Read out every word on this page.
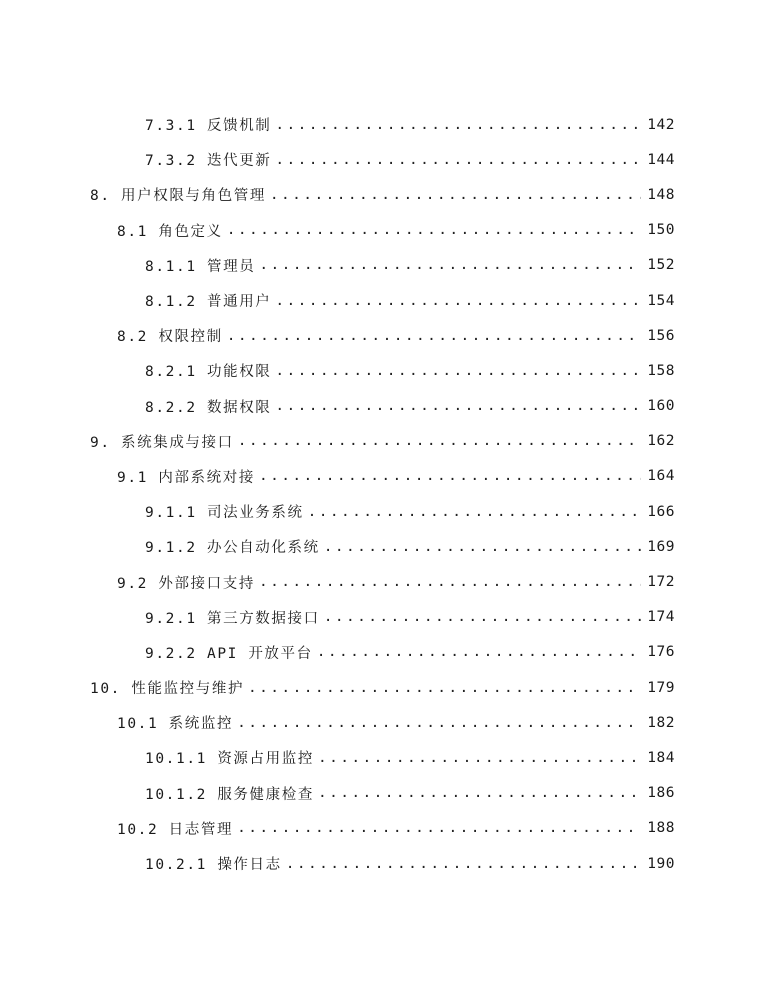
7.3.1 反馈机制 .....	142
7.3.2 迭代更新 .....	144
8. 用户权限与角色管理 .....	148
8.1 角色定义 .....	150
8.1.1 管理员 .....	152
8.1.2 普通用户 .....	154
8.2 权限控制 .....	156
8.2.1 功能权限 .....	158
8.2.2 数据权限 .....	160
9. 系统集成与接口 .....	162
9.1 内部系统对接 .....	164
9.1.1 司法业务系统 .....	166
9.1.2 办公自动化系统 .....	169
9.2 外部接口支持 .....	172
9.2.1 第三方数据接口 .....	174
9.2.2 API 开放平台 .....	176
10. 性能监控与维护 .....	179
10.1 系统监控 .....	182
10.1.1 资源占用监控 .....	184
10.1.2 服务健康检查 .....	186
10.2 日志管理 .....	188
10.2.1 操作日志 .....	190
